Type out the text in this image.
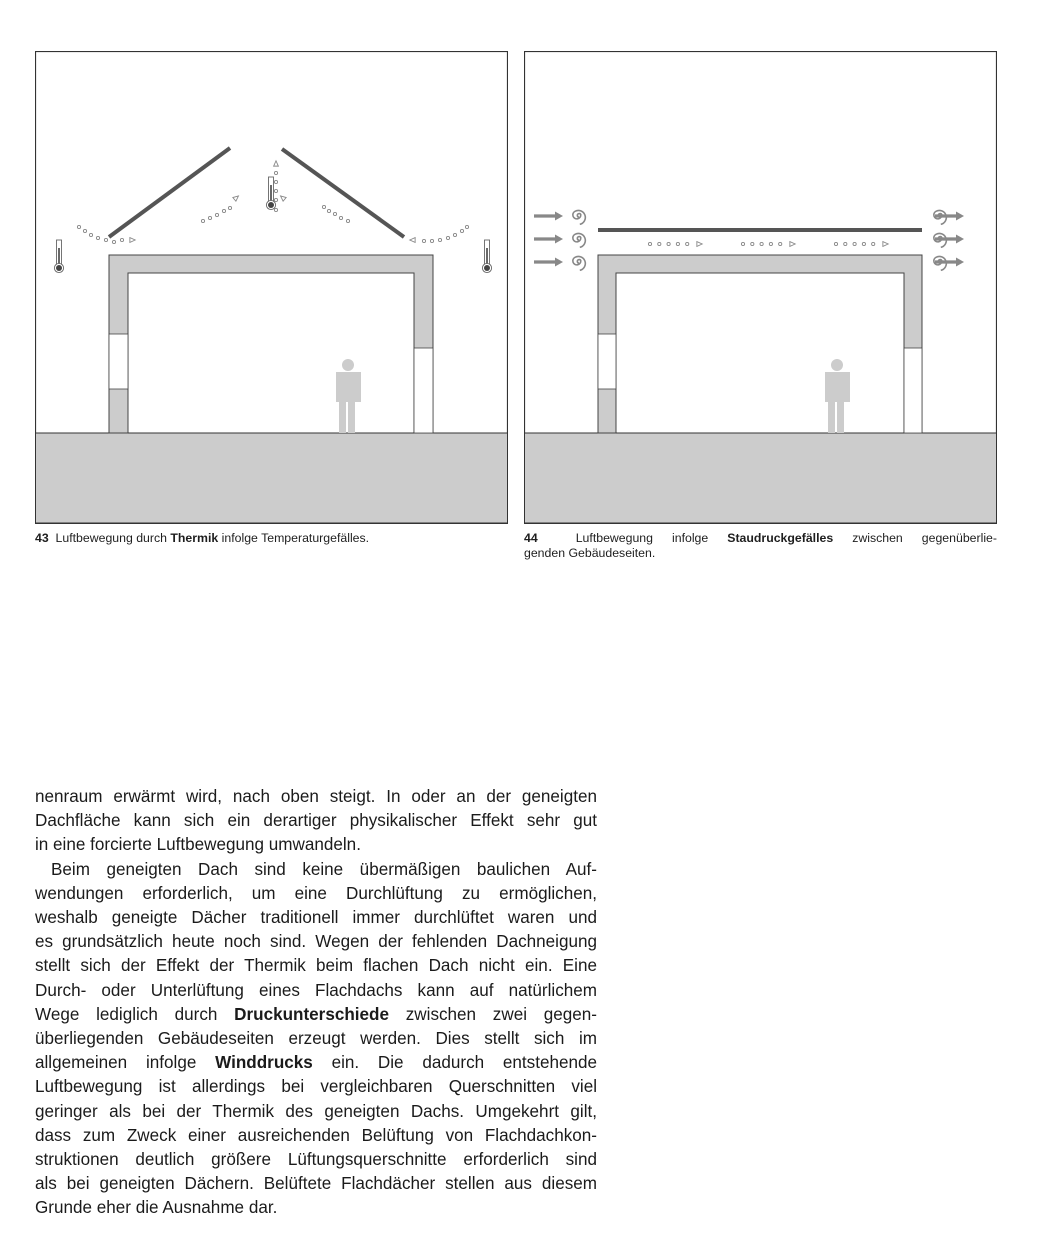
43 Luftbewegung durch Thermik infolge Temperaturgefälles.	44	Luftbewegung infolge Staudruckgefälles zwischen gegenüberlie-
genden Gebäudeseiten.
nenraum erwärmt wird, nach oben steigt. In oder an der geneigten
Dachfläche kann sich ein derartiger physikalischer Effekt sehr gut
in eine forcierte Luftbewegung umwandeln.
Beim geneigten Dach sind keine übermäßigen baulichen Auf-
wendungen erforderlich, um eine Durchlüftung zu ermöglichen,
weshalb geneigte Dächer traditionell immer durchlüftet waren und
es grundsätzlich heute noch sind. Wegen der fehlenden Dachneigung
stellt sich der Effekt der Thermik beim flachen Dach nicht ein. Eine
Durch- oder Unterlüftung eines Flachdachs kann auf natürlichem
Wege lediglich durch Druckunterschiede zwischen zwei gegen-
überliegenden Gebäudeseiten erzeugt werden. Dies stellt sich im
allgemeinen infolge Winddrucks ein. Die dadurch entstehende
Luftbewegung ist allerdings bei vergleichbaren Querschnitten viel
geringer als bei der Thermik des geneigten Dachs. Umgekehrt gilt,
dass zum Zweck einer ausreichenden Belüftung von Flachdachkon-
struktionen deutlich größere Lüftungsquerschnitte erforderlich sind
als bei geneigten Dächern. Belüftete Flachdächer stellen aus diesem
Grunde eher die Ausnahme dar.
